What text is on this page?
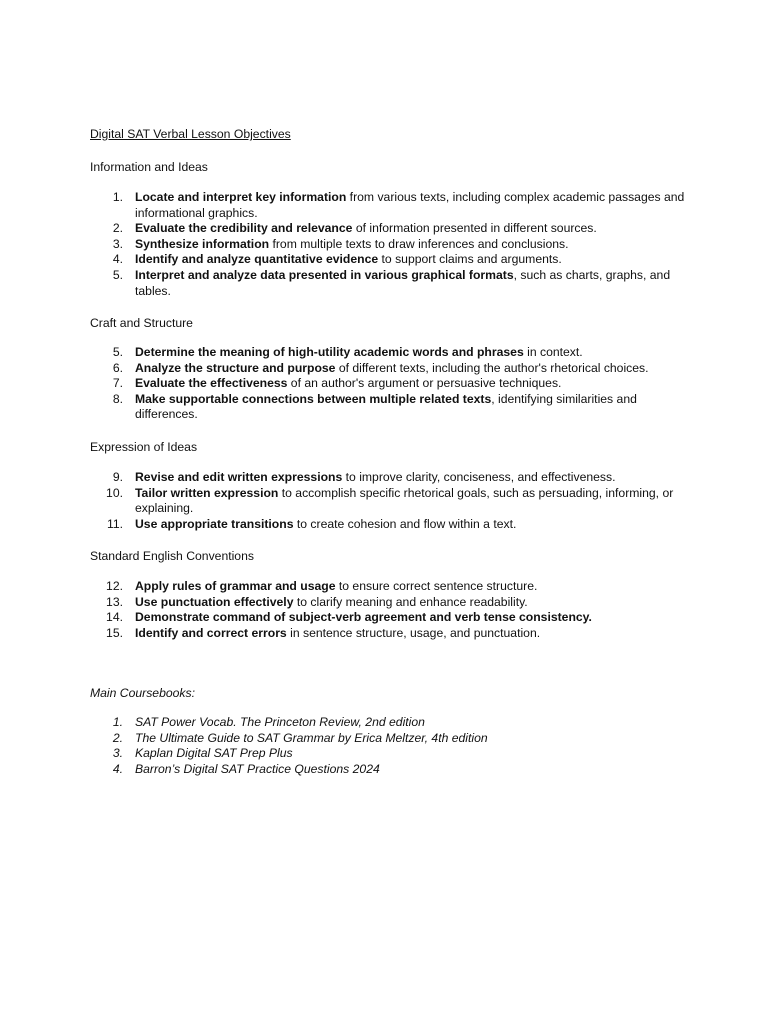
Digital SAT Verbal Lesson Objectives
Information and Ideas
1. Locate and interpret key information from various texts, including complex academic passages and informational graphics.
2. Evaluate the credibility and relevance of information presented in different sources.
3. Synthesize information from multiple texts to draw inferences and conclusions.
4. Identify and analyze quantitative evidence to support claims and arguments.
5. Interpret and analyze data presented in various graphical formats, such as charts, graphs, and tables.
Craft and Structure
5. Determine the meaning of high-utility academic words and phrases in context.
6. Analyze the structure and purpose of different texts, including the author's rhetorical choices.
7. Evaluate the effectiveness of an author's argument or persuasive techniques.
8. Make supportable connections between multiple related texts, identifying similarities and differences.
Expression of Ideas
9. Revise and edit written expressions to improve clarity, conciseness, and effectiveness.
10. Tailor written expression to accomplish specific rhetorical goals, such as persuading, informing, or explaining.
11. Use appropriate transitions to create cohesion and flow within a text.
Standard English Conventions
12. Apply rules of grammar and usage to ensure correct sentence structure.
13. Use punctuation effectively to clarify meaning and enhance readability.
14. Demonstrate command of subject-verb agreement and verb tense consistency.
15. Identify and correct errors in sentence structure, usage, and punctuation.
Main Coursebooks:
1. SAT Power Vocab. The Princeton Review, 2nd edition
2. The Ultimate Guide to SAT Grammar by Erica Meltzer, 4th edition
3. Kaplan Digital SAT Prep Plus
4. Barron’s Digital SAT Practice Questions 2024
